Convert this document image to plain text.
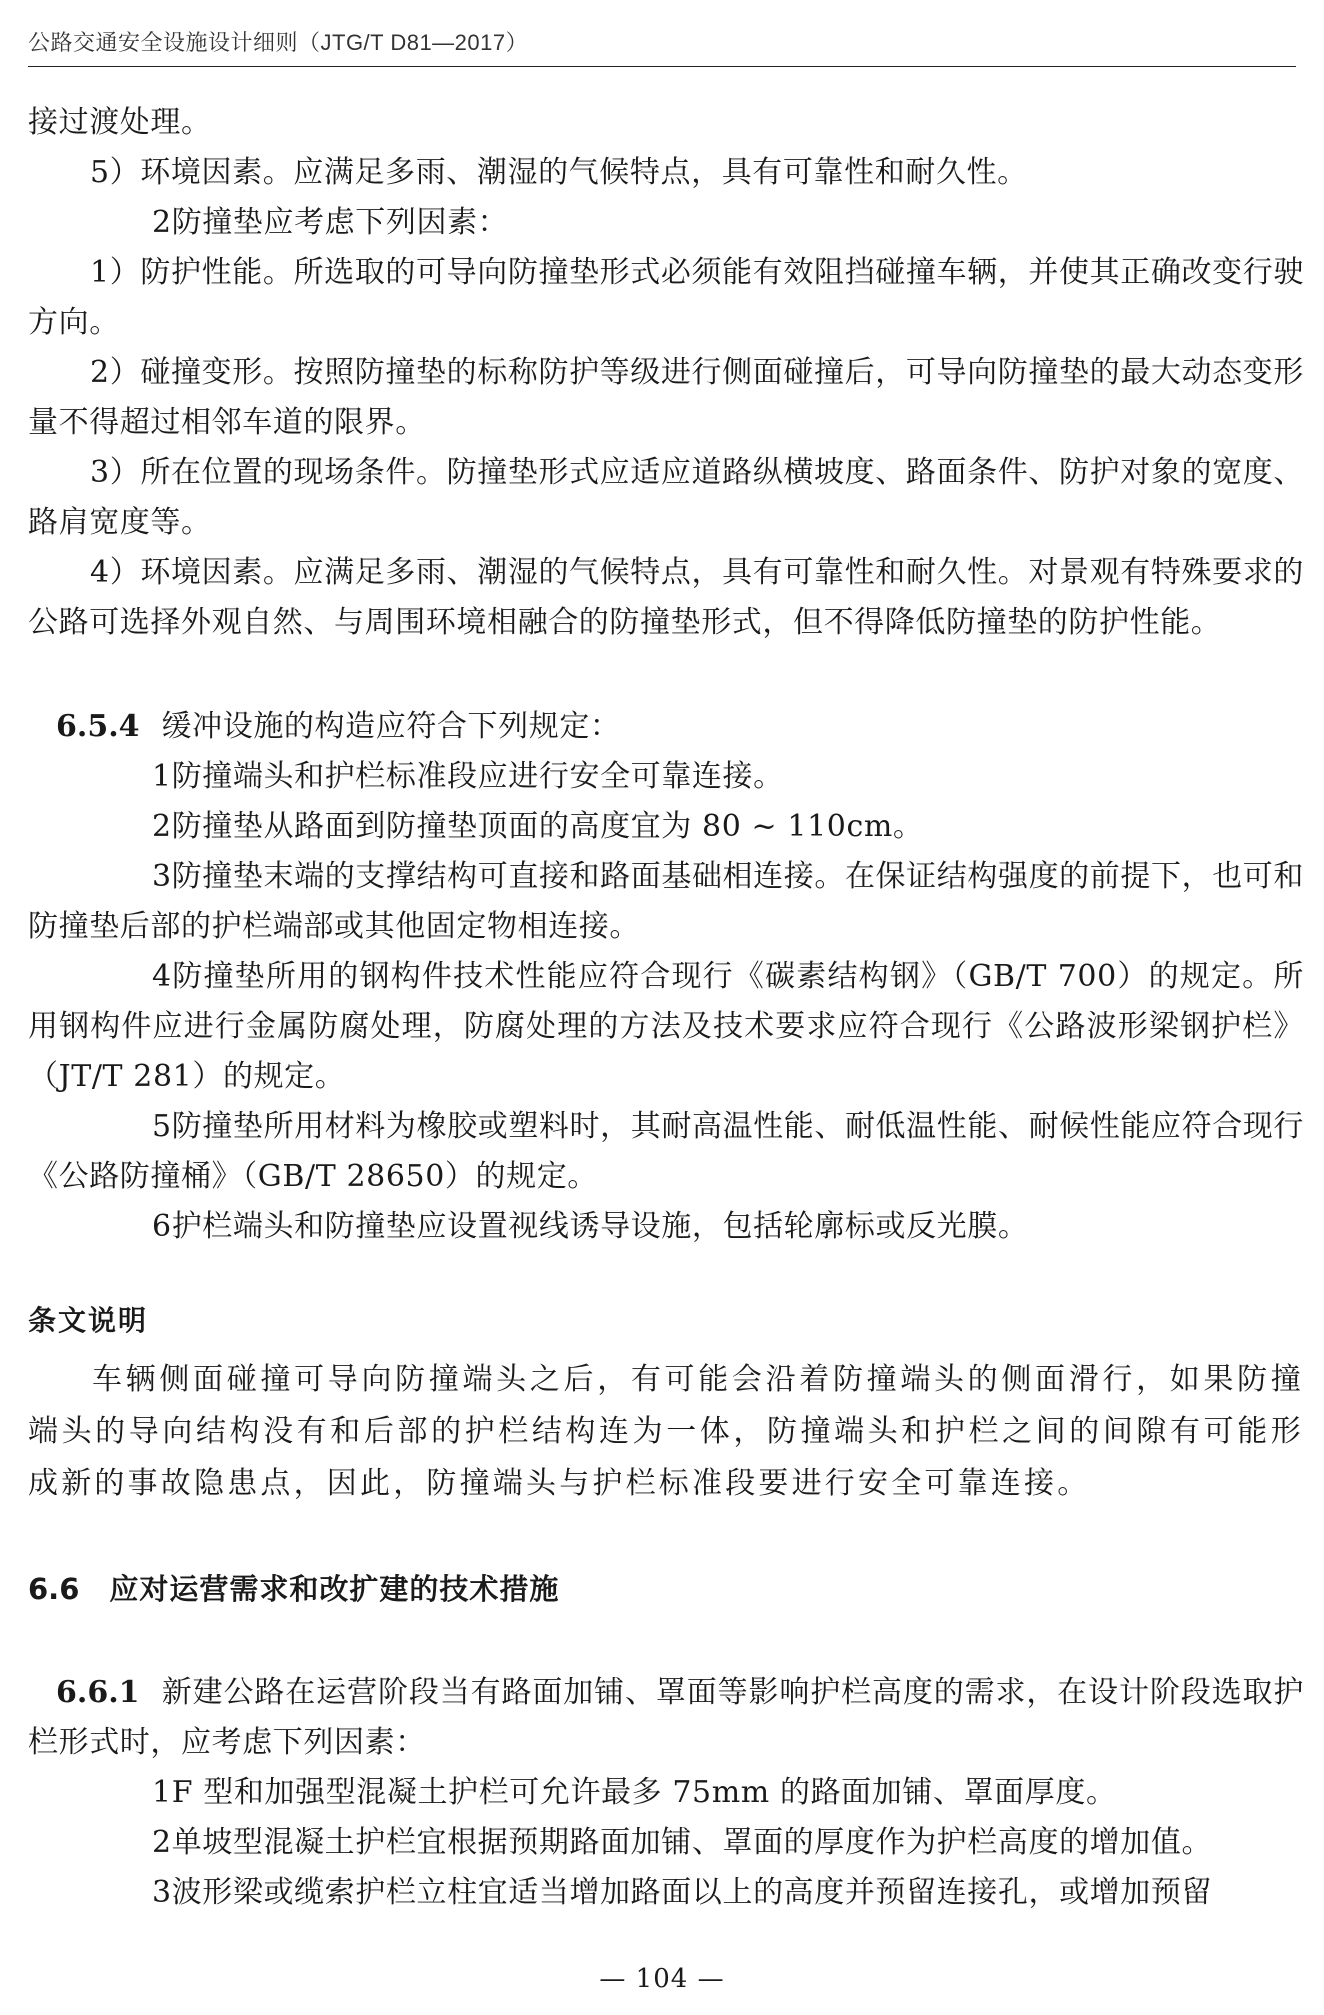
公路交通安全设施设计细则（JTG/T D81—2017）

接过渡处理。

5）环境因素。应满足多雨、潮湿的气候特点，具有可靠性和耐久性。

2防撞垫应考虑下列因素：

1）防护性能。所选取的可导向防撞垫形式必须能有效阻挡碰撞车辆，并使其正确改变行驶方向。

2）碰撞变形。按照防撞垫的标称防护等级进行侧面碰撞后，可导向防撞垫的最大动态变形量不得超过相邻车道的限界。

3）所在位置的现场条件。防撞垫形式应适应道路纵横坡度、路面条件、防护对象的宽度、路肩宽度等。

4）环境因素。应满足多雨、潮湿的气候特点，具有可靠性和耐久性。对景观有特殊要求的公路可选择外观自然、与周围环境相融合的防撞垫形式，但不得降低防撞垫的防护性能。

6.5.4 缓冲设施的构造应符合下列规定：

1防撞端头和护栏标准段应进行安全可靠连接。

2防撞垫从路面到防撞垫顶面的高度宜为 80 ~ 110cm。

3防撞垫末端的支撑结构可直接和路面基础相连接。在保证结构强度的前提下，也可和防撞垫后部的护栏端部或其他固定物相连接。

4防撞垫所用的钢构件技术性能应符合现行《碳素结构钢》（GB/T 700）的规定。所用钢构件应进行金属防腐处理，防腐处理的方法及技术要求应符合现行《公路波形梁钢护栏》（JT/T 281）的规定。

5防撞垫所用材料为橡胶或塑料时，其耐高温性能、耐低温性能、耐候性能应符合现行《公路防撞桶》（GB/T 28650）的规定。

6护栏端头和防撞垫应设置视线诱导设施，包括轮廓标或反光膜。

条文说明

车辆侧面碰撞可导向防撞端头之后，有可能会沿着防撞端头的侧面滑行，如果防撞端头的导向结构没有和后部的护栏结构连为一体，防撞端头和护栏之间的间隙有可能形成新的事故隐患点，因此，防撞端头与护栏标准段要进行安全可靠连接。

6.6 应对运营需求和改扩建的技术措施

6.6.1 新建公路在运营阶段当有路面加铺、罩面等影响护栏高度的需求，在设计阶段选取护栏形式时，应考虑下列因素：

1F 型和加强型混凝土护栏可允许最多 75mm 的路面加铺、罩面厚度。

2单坡型混凝土护栏宜根据预期路面加铺、罩面的厚度作为护栏高度的增加值。

3波形梁或缆索护栏立柱宜适当增加路面以上的高度并预留连接孔，或增加预留

— 104 —
